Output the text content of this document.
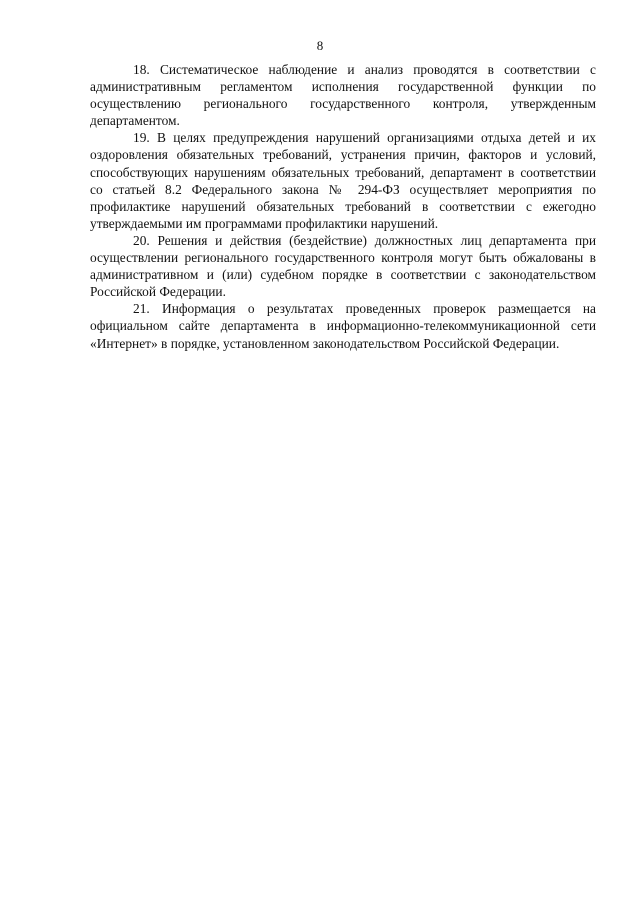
8

18. Систематическое наблюдение и анализ проводятся в соответствии с административным регламентом исполнения государственной функции по осуществлению регионального государственного контроля, утвержденным департаментом.

19. В целях предупреждения нарушений организациями отдыха детей и их оздоровления обязательных требований, устранения причин, факторов и условий, способствующих нарушениям обязательных требований, департамент в соответствии со статьей 8.2 Федерального закона № 294-ФЗ осуществляет мероприятия по профилактике нарушений обязательных требований в соответствии с ежегодно утверждаемыми им программами профилактики нарушений.

20. Решения и действия (бездействие) должностных лиц департамента при осуществлении регионального государственного контроля могут быть обжалованы в административном и (или) судебном порядке в соответствии с законодательством Российской Федерации.

21. Информация о результатах проведенных проверок размещается на официальном сайте департамента в информационно-телекоммуникационной сети «Интернет» в порядке, установленном законодательством Российской Федерации.
